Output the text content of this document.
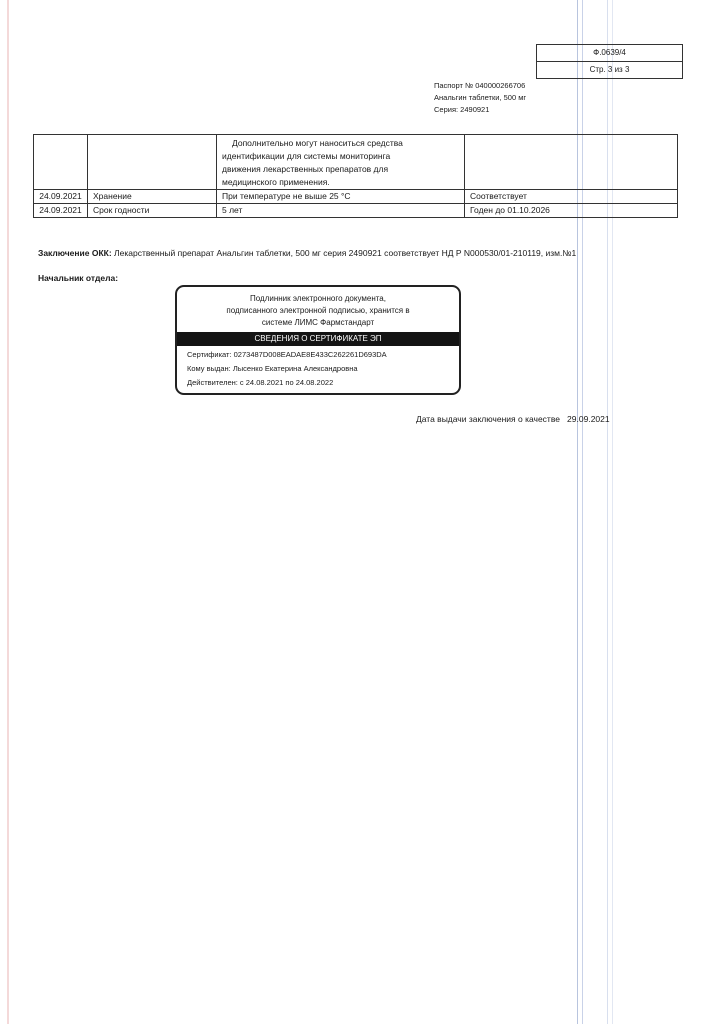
Ф.0639/4
Стр. 3 из 3
Паспорт № 040000266706
Анальгин таблетки, 500 мг
Серия: 2490921

		Дополнительно могут наноситься средства
идентификации для системы мониторинга
движения лекарственных препаратов для
медицинского применения.	

24.09.2021	Хранение	При температуре не выше 25 °С	Соответствует
24.09.2021	Срок годности	5 лет	Годен до 01.10.2026
Заключение ОКК: Лекарственный препарат Анальгин таблетки, 500 мг серия 2490921 соответствует НД Р N000530/01-210119, изм.№1
Начальник отдела:
Подлинник электронного документа,
подписанного электронной подписью, хранится в
системе ЛИМС Фармстандарт
СВЕДЕНИЯ О СЕРТИФИКАТЕ ЭП
Сертификат: 0273487D008EADAE8E433C262261D693DA
Кому выдан: Лысенко Екатерина Александровна
Действителен: с 24.08.2021 по 24.08.2022
Дата выдачи заключения о качестве   29.09.2021
